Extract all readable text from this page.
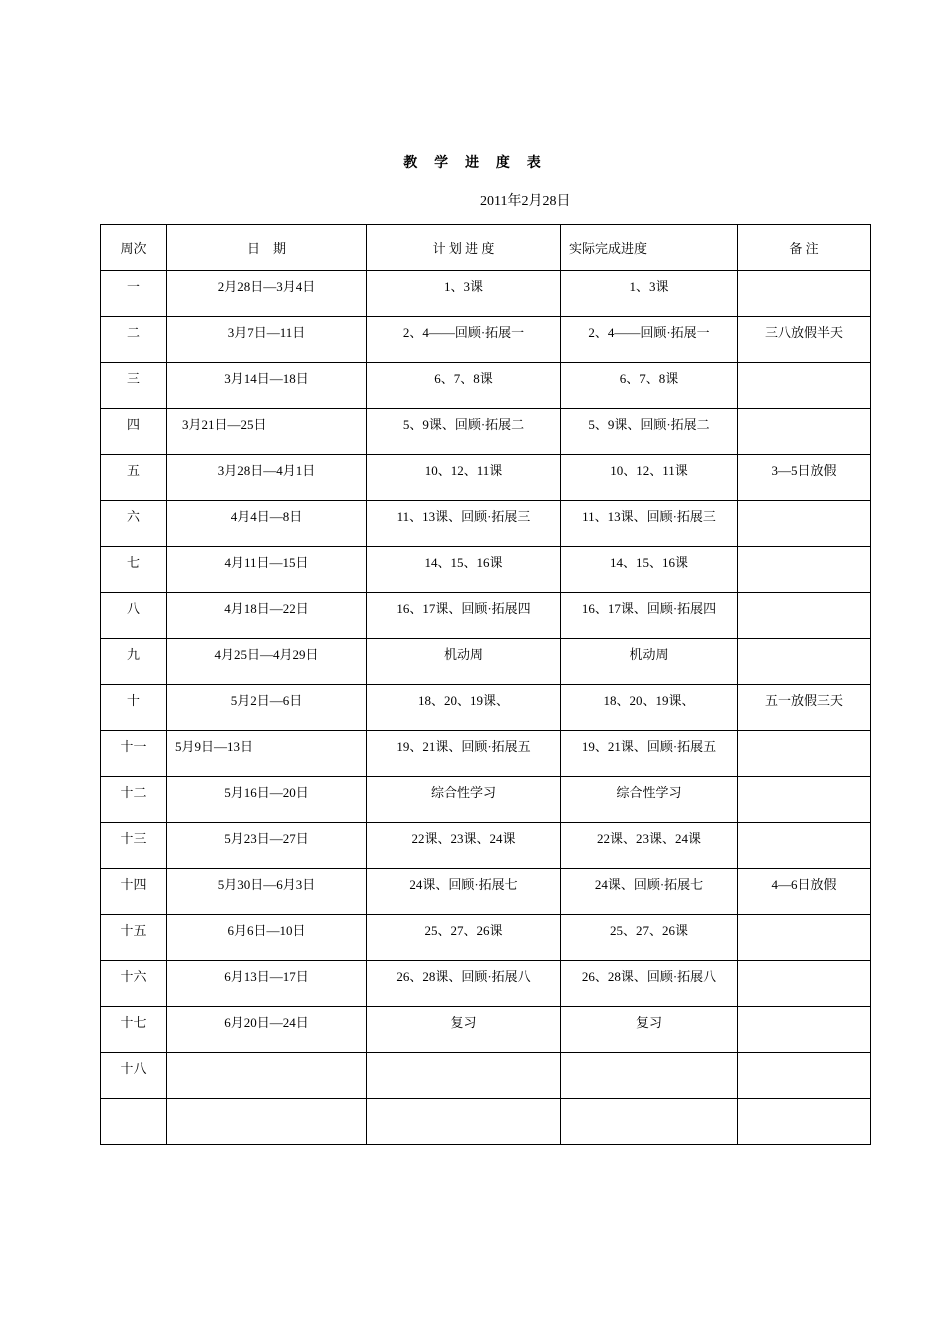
教 学 进 度 表
2011年2月28日
周次	日　期	计 划 进 度	实际完成进度	备 注
一	2月28日—3月4日	1、3课	1、3课	
二	3月7日—11日	2、4——回顾·拓展一	2、4——回顾·拓展一	三八放假半天
三	3月14日—18日	6、7、8课	6、7、8课	
四	3月21日—25日	5、9课、回顾·拓展二	5、9课、回顾·拓展二	
五	3月28日—4月1日	10、12、11课	10、12、11课	3—5日放假
六	4月4日—8日	11、13课、回顾·拓展三	11、13课、回顾·拓展三	
七	4月11日—15日	14、15、16课	14、15、16课	
八	4月18日—22日	16、17课、回顾·拓展四	16、17课、回顾·拓展四	
九	4月25日—4月29日	机动周	机动周	
十	5月2日—6日	18、20、19课、	18、20、19课、	五一放假三天
十一	5月9日—13日	19、21课、回顾·拓展五	19、21课、回顾·拓展五	
十二	5月16日—20日	综合性学习	综合性学习	
十三	5月23日—27日	22课、23课、24课	22课、23课、24课	
十四	5月30日—6月3日	24课、回顾·拓展七	24课、回顾·拓展七	4—6日放假
十五	6月6日—10日	25、27、26课	25、27、26课	
十六	6月13日—17日	26、28课、回顾·拓展八	26、28课、回顾·拓展八	
十七	6月20日—24日	复习	复习	
十八				
